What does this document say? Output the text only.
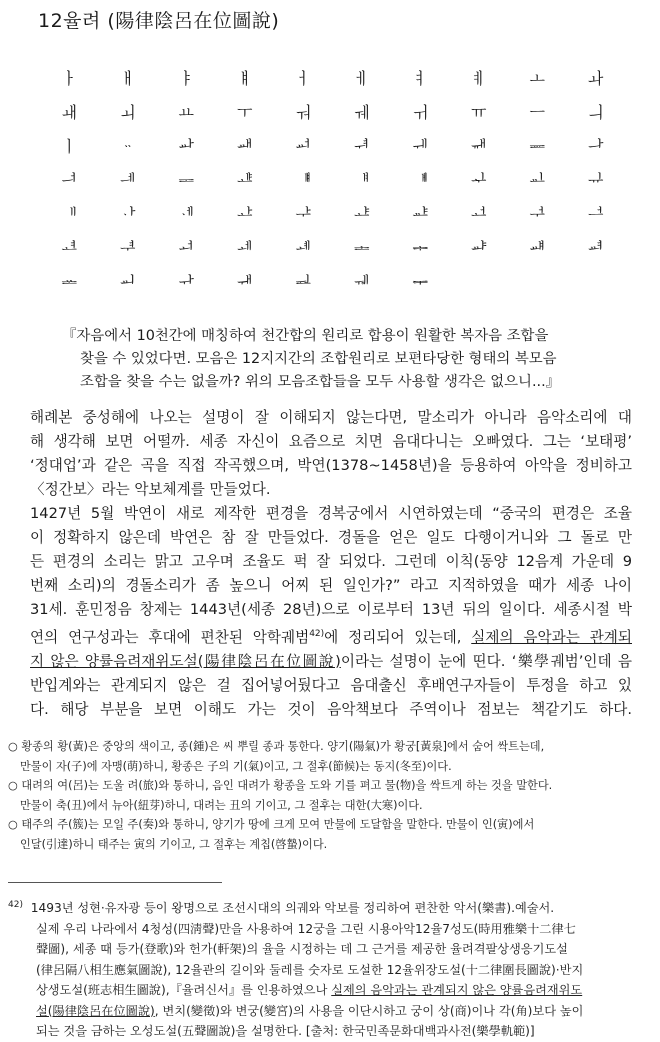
12율려 (陽律陰呂在位圖說)
ㅏ	ㅐ	ㅑ	ㅒ	ㅓ	ㅔ	ㅕ	ㅖ	ㅗ	ㅘ
ㅙ	ㅚ	ㅛ	ㅜ	ㅝ	ㅞ	ㅟ	ㅠ	ㅡ	ㅢ
ㅣ	ᆢ	ힲ	ힳ	ힴ	ힵ	ힶ	ힷ	ힸ	ힹ
ힺ	ힻ	ힼ	ힽ	ힾ	ힿ	ퟀ	ퟁ	ퟂ	ퟃ
ퟄ	ퟅ	ퟆ	ᅶ	ᅷ	ᅸ	ᅹ	ᅺ	ᅻ	ᅼ
ᅽ	ᅾ	ᅿ	ᆀ	ᆁ	ᆂ	ᆃ	ᆄ	ᆅ	ᆆ
ᆇ	ᆈ	ᆉ	ᆊ	ᆋ	ᆌ	ᆍ
『자음에서 10천간에 매칭하여 천간합의 원리로 합용이 원활한 복자음 조합을
찾을 수 있었다면. 모음은 12지지간의 조합원리로 보편타당한 형태의 복모음
조합을 찾을 수는 없을까? 위의 모음조합들을 모두 사용할 생각은 없으니...』
해례본 중성해에 나오는 설명이 잘 이해되지 않는다면, 말소리가 아니라 음악소리에 대
해 생각해 보면 어떨까. 세종 자신이 요즘으로 치면 음대다니는 오빠였다. 그는 ‘보태평’
‘정대업’과 같은 곡을 직접 작곡했으며, 박연(1378~1458년)을 등용하여 아악을 정비하고
〈정간보〉라는 악보체계를 만들었다.
1427년 5월 박연이 새로 제작한 편경을 경복궁에서 시연하였는데 “중국의 편경은 조율
이 정확하지 않은데 박연은 참 잘 만들었다. 경돌을 얻은 일도 다행이거니와 그 돌로 만
든 편경의 소리는 맑고 고우며 조율도 퍽 잘 되었다. 그런데 이칙(동양 12음계 가운데 9
번째 소리)의 경돌소리가 좀 높으니 어찌 된 일인가?” 라고 지적하였을 때가 세종 나이
31세. 훈민정음 창제는 1443년(세종 28년)으로 이로부터 13년 뒤의 일이다. 세종시절 박
연의 연구성과는 후대에 편찬된 악학궤범$^{42)}$에 정리되어 있는데, 실제의 음악과는 관계되
지 않은 양률음려재위도설(陽律陰呂在位圖說)이라는 설명이 눈에 띤다. ‘樂學궤범’인데 음
반입계와는 관계되지 않은 걸 집어넣어뒀다고 음대출신 후배연구자들이 투정을 하고 있
다. 해당 부분을 보면 이해도 가는 것이 음악책보다 주역이나 점보는 책같기도 하다.
○ 황종의 황(黃)은 중앙의 색이고, 종(鍾)은 씨 뿌릴 종과 통한다. 양기(陽氣)가 황궁[黃泉]에서 숨어 싹트는데,
만물이 자(子)에 자맹(萌)하니, 황종은 子의 기(氣)이고, 그 절후(節候)는 동지(冬至)이다.
○ 대려의 여(呂)는 도울 려(旅)와 통하니, 음인 대려가 황종을 도와 기를 펴고 물(物)을 싹트게 하는 것을 말한다.
만물이 축(丑)에서 뉴아(紐芽)하니, 대려는 丑의 기이고, 그 절후는 대한(大寒)이다.
○ 태주의 주(簇)는 모일 주(奏)와 통하니, 양기가 땅에 크게 모여 만물에 도달함을 말한다. 만물이 인(寅)에서
인달(引達)하니 태주는 寅의 기이고, 그 절후는 계칩(啓蟄)이다.
$^{42)}$ 1493년 성현·유자광 등이 왕명으로 조선시대의 의궤와 악보를 정리하여 편찬한 악서(樂書).예술서.
실제 우리 나라에서 4청성(四淸聲)만을 사용하여 12궁을 그린 시용아악12율7성도(時用雅樂十二律七
聲圖), 세종 때 등가(登歌)와 헌가(軒架)의 율을 시정하는 데 그 근거를 제공한 율려격팔상생응기도설
(律呂隔八相生應氣圖說), 12율관의 길이와 둘레를 숫자로 도설한 12율위장도설(十二律圍長圖說)·반지
상생도설(班志相生圖說),『율려신서』를 인용하였으나 실제의 음악과는 관계되지 않은 양률음려재위도
설(陽律陰呂在位圖說), 변치(變徵)와 변궁(變宮)의 사용을 이단시하고 궁이 상(商)이나 각(角)보다 높이
되는 것을 금하는 오성도설(五聲圖說)을 설명한다. [출처: 한국민족문화대백과사전(樂學軌範)]
